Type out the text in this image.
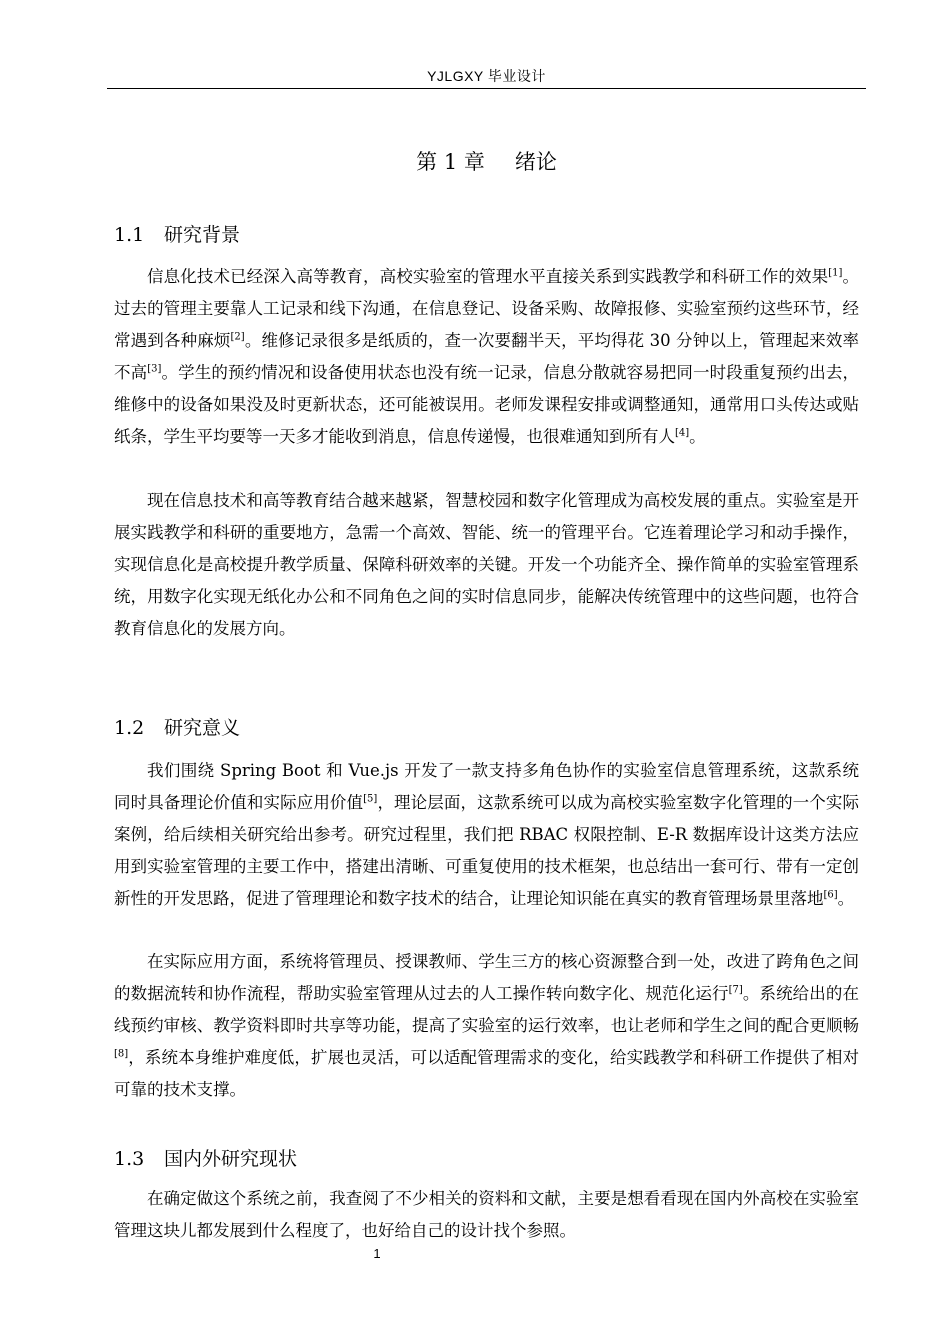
YJLGXY 毕业设计
第 1 章 绪论
1.1 研究背景

信息化技术已经深入高等教育，高校实验室的管理水平直接关系到实践教学和科研工作的效果[1]。过去的管理主要靠人工记录和线下沟通，在信息登记、设备采购、故障报修、实验室预约这些环节，经常遇到各种麻烦[2]。维修记录很多是纸质的，查一次要翻半天，平均得花 30 分钟以上，管理起来效率不高[3]。学生的预约情况和设备使用状态也没有统一记录，信息分散就容易把同一时段重复预约出去，维修中的设备如果没及时更新状态，还可能被误用。老师发课程安排或调整通知，通常用口头传达或贴纸条，学生平均要等一天多才能收到消息，信息传递慢，也很难通知到所有人[4]。

现在信息技术和高等教育结合越来越紧，智慧校园和数字化管理成为高校发展的重点。实验室是开展实践教学和科研的重要地方，急需一个高效、智能、统一的管理平台。它连着理论学习和动手操作，实现信息化是高校提升教学质量、保障科研效率的关键。开发一个功能齐全、操作简单的实验室管理系统，用数字化实现无纸化办公和不同角色之间的实时信息同步，能解决传统管理中的这些问题，也符合教育信息化的发展方向。

1.2 研究意义

我们围绕 Spring Boot 和 Vue.js 开发了一款支持多角色协作的实验室信息管理系统，这款系统同时具备理论价值和实际应用价值[5]，理论层面，这款系统可以成为高校实验室数字化管理的一个实际案例，给后续相关研究给出参考。研究过程里，我们把 RBAC 权限控制、E-R 数据库设计这类方法应用到实验室管理的主要工作中，搭建出清晰、可重复使用的技术框架，也总结出一套可行、带有一定创新性的开发思路，促进了管理理论和数字技术的结合，让理论知识能在真实的教育管理场景里落地[6]。

在实际应用方面，系统将管理员、授课教师、学生三方的核心资源整合到一处，改进了跨角色之间的数据流转和协作流程，帮助实验室管理从过去的人工操作转向数字化、规范化运行[7]。系统给出的在线预约审核、教学资料即时共享等功能，提高了实验室的运行效率，也让老师和学生之间的配合更顺畅[8]，系统本身维护难度低，扩展也灵活，可以适配管理需求的变化，给实践教学和科研工作提供了相对可靠的技术支撑。

1.3 国内外研究现状

在确定做这个系统之前，我查阅了不少相关的资料和文献，主要是想看看现在国内外高校在实验室管理这块儿都发展到什么程度了，也好给自己的设计找个参照。

1
